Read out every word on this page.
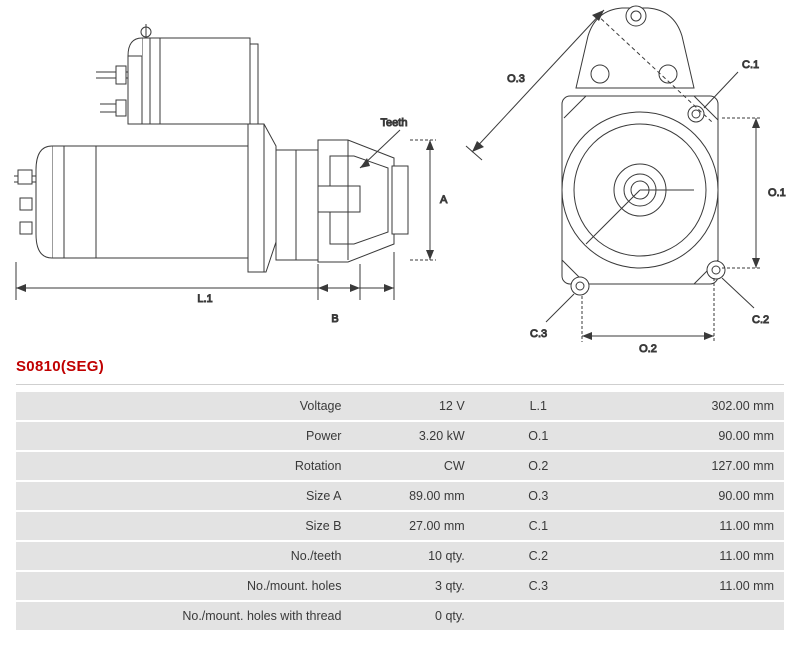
Teeth
A
L.1
B
O.3
O.1
O.2
C.1
C.2
C.3
S0810(SEG)
Voltage	12 V		L.1	302.00 mm
Power	3.20 kW		O.1	90.00 mm
Rotation	CW		O.2	127.00 mm
Size A	89.00 mm		O.3	90.00 mm
Size B	27.00 mm		C.1	11.00 mm
No./teeth	10 qty.		C.2	11.00 mm
No./mount. holes	3 qty.		C.3	11.00 mm
No./mount. holes with thread	0 qty.			
